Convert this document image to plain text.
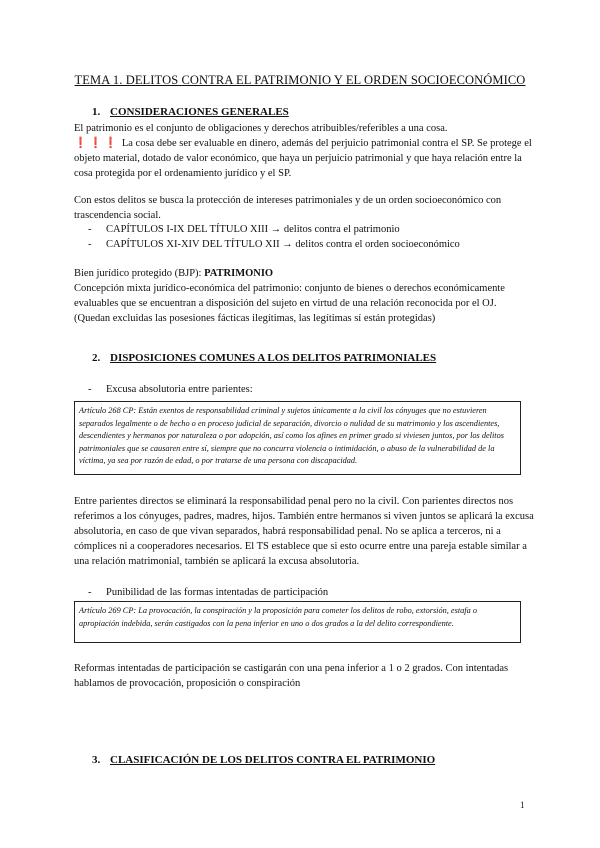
TEMA 1. DELITOS CONTRA EL PATRIMONIO Y EL ORDEN SOCIOECONÓMICO
1. CONSIDERACIONES GENERALES

El patrimonio es el conjunto de obligaciones y derechos atribuibles/referibles a una cosa.

❗❗❗ La cosa debe ser evaluable en dinero, además del perjuicio patrimonial contra el SP. Se protege el objeto material, dotado de valor económico, que haya un perjuicio patrimonial y que haya relación entre la cosa protegida por el ordenamiento jurídico y el SP.

Con estos delitos se busca la protección de intereses patrimoniales y de un orden socioeconómico con trascendencia social.

- CAPÍTULOS I-IX DEL TÍTULO XIII → delitos contra el patrimonio
- CAPÍTULOS XI-XIV DEL TÍTULO XII → delitos contra el orden socioeconómico

Bien jurídico protegido (BJP): PATRIMONIO

Concepción mixta jurídico-económica del patrimonio: conjunto de bienes o derechos económicamente evaluables que se encuentran a disposición del sujeto en virtud de una relación reconocida por el OJ. (Quedan excluidas las posesiones fácticas ilegítimas, las legítimas sí están protegidas)

2. DISPOSICIONES COMUNES A LOS DELITOS PATRIMONIALES
- Excusa absolutoria entre parientes:
Artículo 268 CP: Están exentos de responsabilidad criminal y sujetos únicamente a la civil los cónyuges que no estuvieren separados legalmente o de hecho o en proceso judicial de separación, divorcio o nulidad de su matrimonio y los ascendientes, descendientes y hermanos por naturaleza o por adopción, así como los afines en primer grado si viviesen juntos, por los delitos patrimoniales que se causaren entre sí, siempre que no concurra violencia o intimidación, o abuso de la vulnerabilidad de la víctima, ya sea por razón de edad, o por tratarse de una persona con discapacidad.

Entre parientes directos se eliminará la responsabilidad penal pero no la civil. Con parientes directos nos referimos a los cónyuges, padres, madres, hijos. También entre hermanos si viven juntos se aplicará la excusa absolutoria, en caso de que vivan separados, habrá responsabilidad penal. No se aplica a terceros, ni a cómplices ni a cooperadores necesarios. El TS establece que si esto ocurre entre una pareja estable similar a una relación matrimonial, también se aplicará la excusa absolutoria.

- Punibilidad de las formas intentadas de participación
Artículo 269 CP: La provocación, la conspiración y la proposición para cometer los delitos de robo, extorsión, estafa o apropiación indebida, serán castigados con la pena inferior en uno o dos grados a la del delito correspondiente.

Reformas intentadas de participación se castigarán con una pena inferior a 1 o 2 grados. Con intentadas hablamos de provocación, proposición o conspiración

3. CLASIFICACIÓN DE LOS DELITOS CONTRA EL PATRIMONIO
1
